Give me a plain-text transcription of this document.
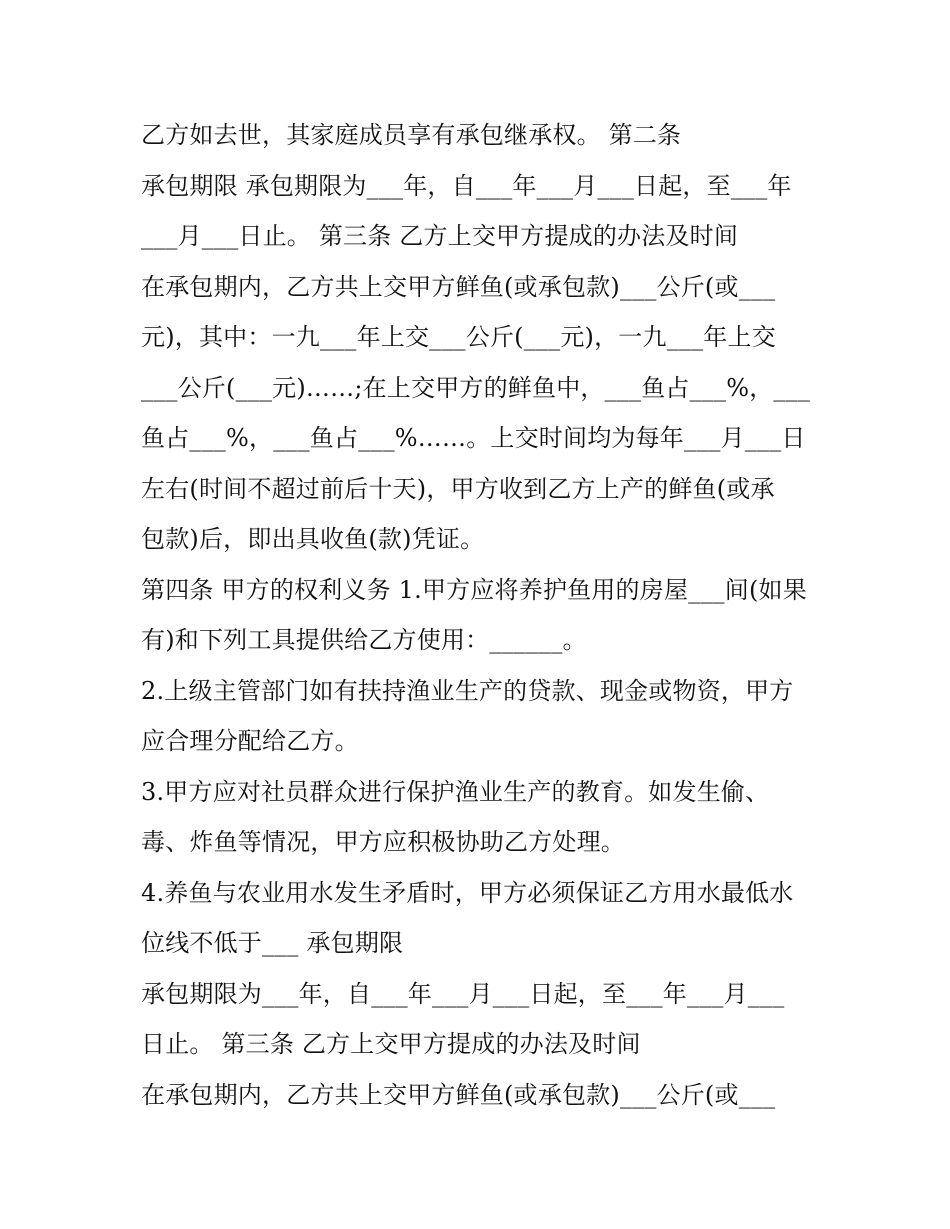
乙方如去世，其家庭成员享有承包继承权。 第二条
承包期限 承包期限为___年，自___年___月___日起，至___年
___月___日止。 第三条 乙方上交甲方提成的办法及时间
在承包期内，乙方共上交甲方鲜鱼(或承包款)___公斤(或___
元)，其中：一九___年上交___公斤(___元)，一九___年上交
___公斤(___元)……;在上交甲方的鲜鱼中，___鱼占___%，___
鱼占___%，___鱼占___%……。上交时间均为每年___月___日
左右(时间不超过前后十天)，甲方收到乙方上产的鲜鱼(或承
包款)后，即出具收鱼(款)凭证。
第四条 甲方的权利义务 1.甲方应将养护鱼用的房屋___间(如果
有)和下列工具提供给乙方使用：______。
2.上级主管部门如有扶持渔业生产的贷款、现金或物资，甲方
应合理分配给乙方。
3.甲方应对社员群众进行保护渔业生产的教育。如发生偷、
毒、炸鱼等情况，甲方应积极协助乙方处理。
4.养鱼与农业用水发生矛盾时，甲方必须保证乙方用水最低水
位线不低于___ 承包期限
承包期限为___年，自___年___月___日起，至___年___月___
日止。 第三条 乙方上交甲方提成的办法及时间
在承包期内，乙方共上交甲方鲜鱼(或承包款)___公斤(或___
